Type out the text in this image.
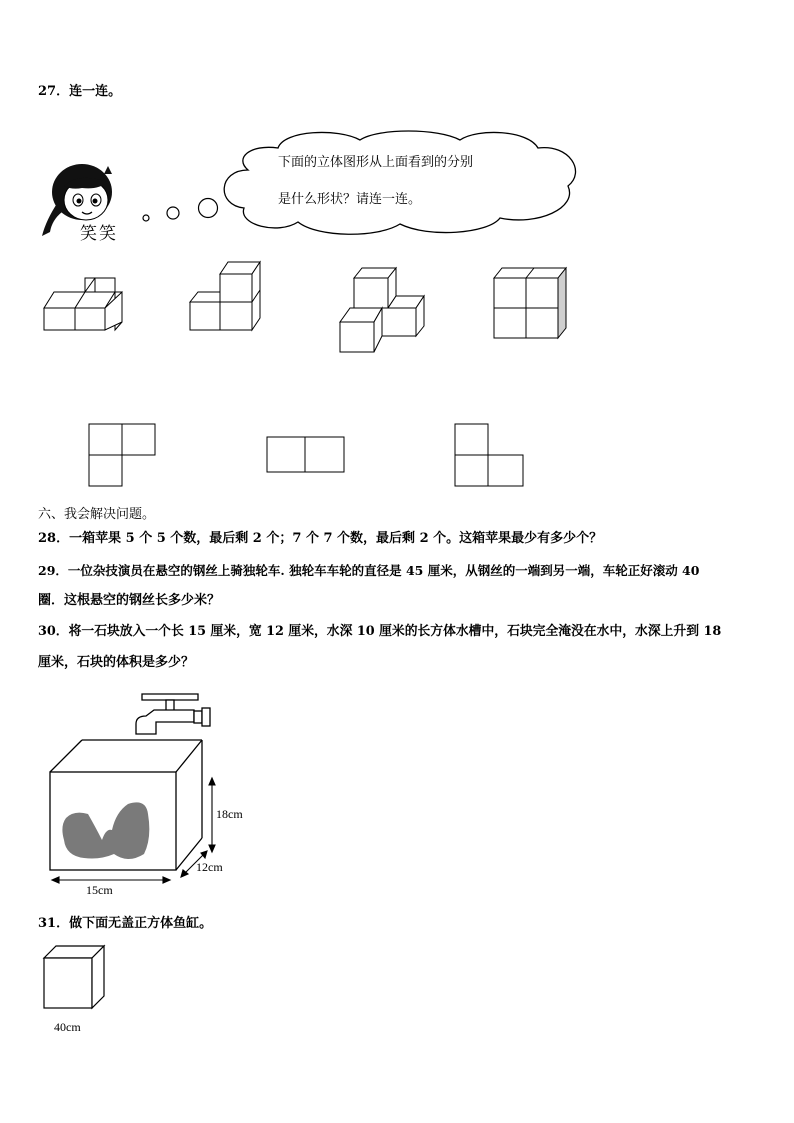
27．连一连。
笑笑
下面的立体图形从上面看到的分别
是什么形状？请连一连。
六、我会解决问题。
28．一箱苹果 5 个 5 个数，最后剩 2 个；7 个 7 个数，最后剩 2 个。这箱苹果最少有多少个？
29．一位杂技演员在悬空的钢丝上骑独轮车. 独轮车车轮的直径是 45 厘米，从钢丝的一端到另一端，车轮正好滚动 40
圈．这根悬空的钢丝长多少米？
30．将一石块放入一个长 15 厘米，宽 12 厘米，水深 10 厘米的长方体水槽中，石块完全淹没在水中，水深上升到 18
厘米，石块的体积是多少？
18cm
12cm
15cm
31．做下面无盖正方体鱼缸。
40cm
